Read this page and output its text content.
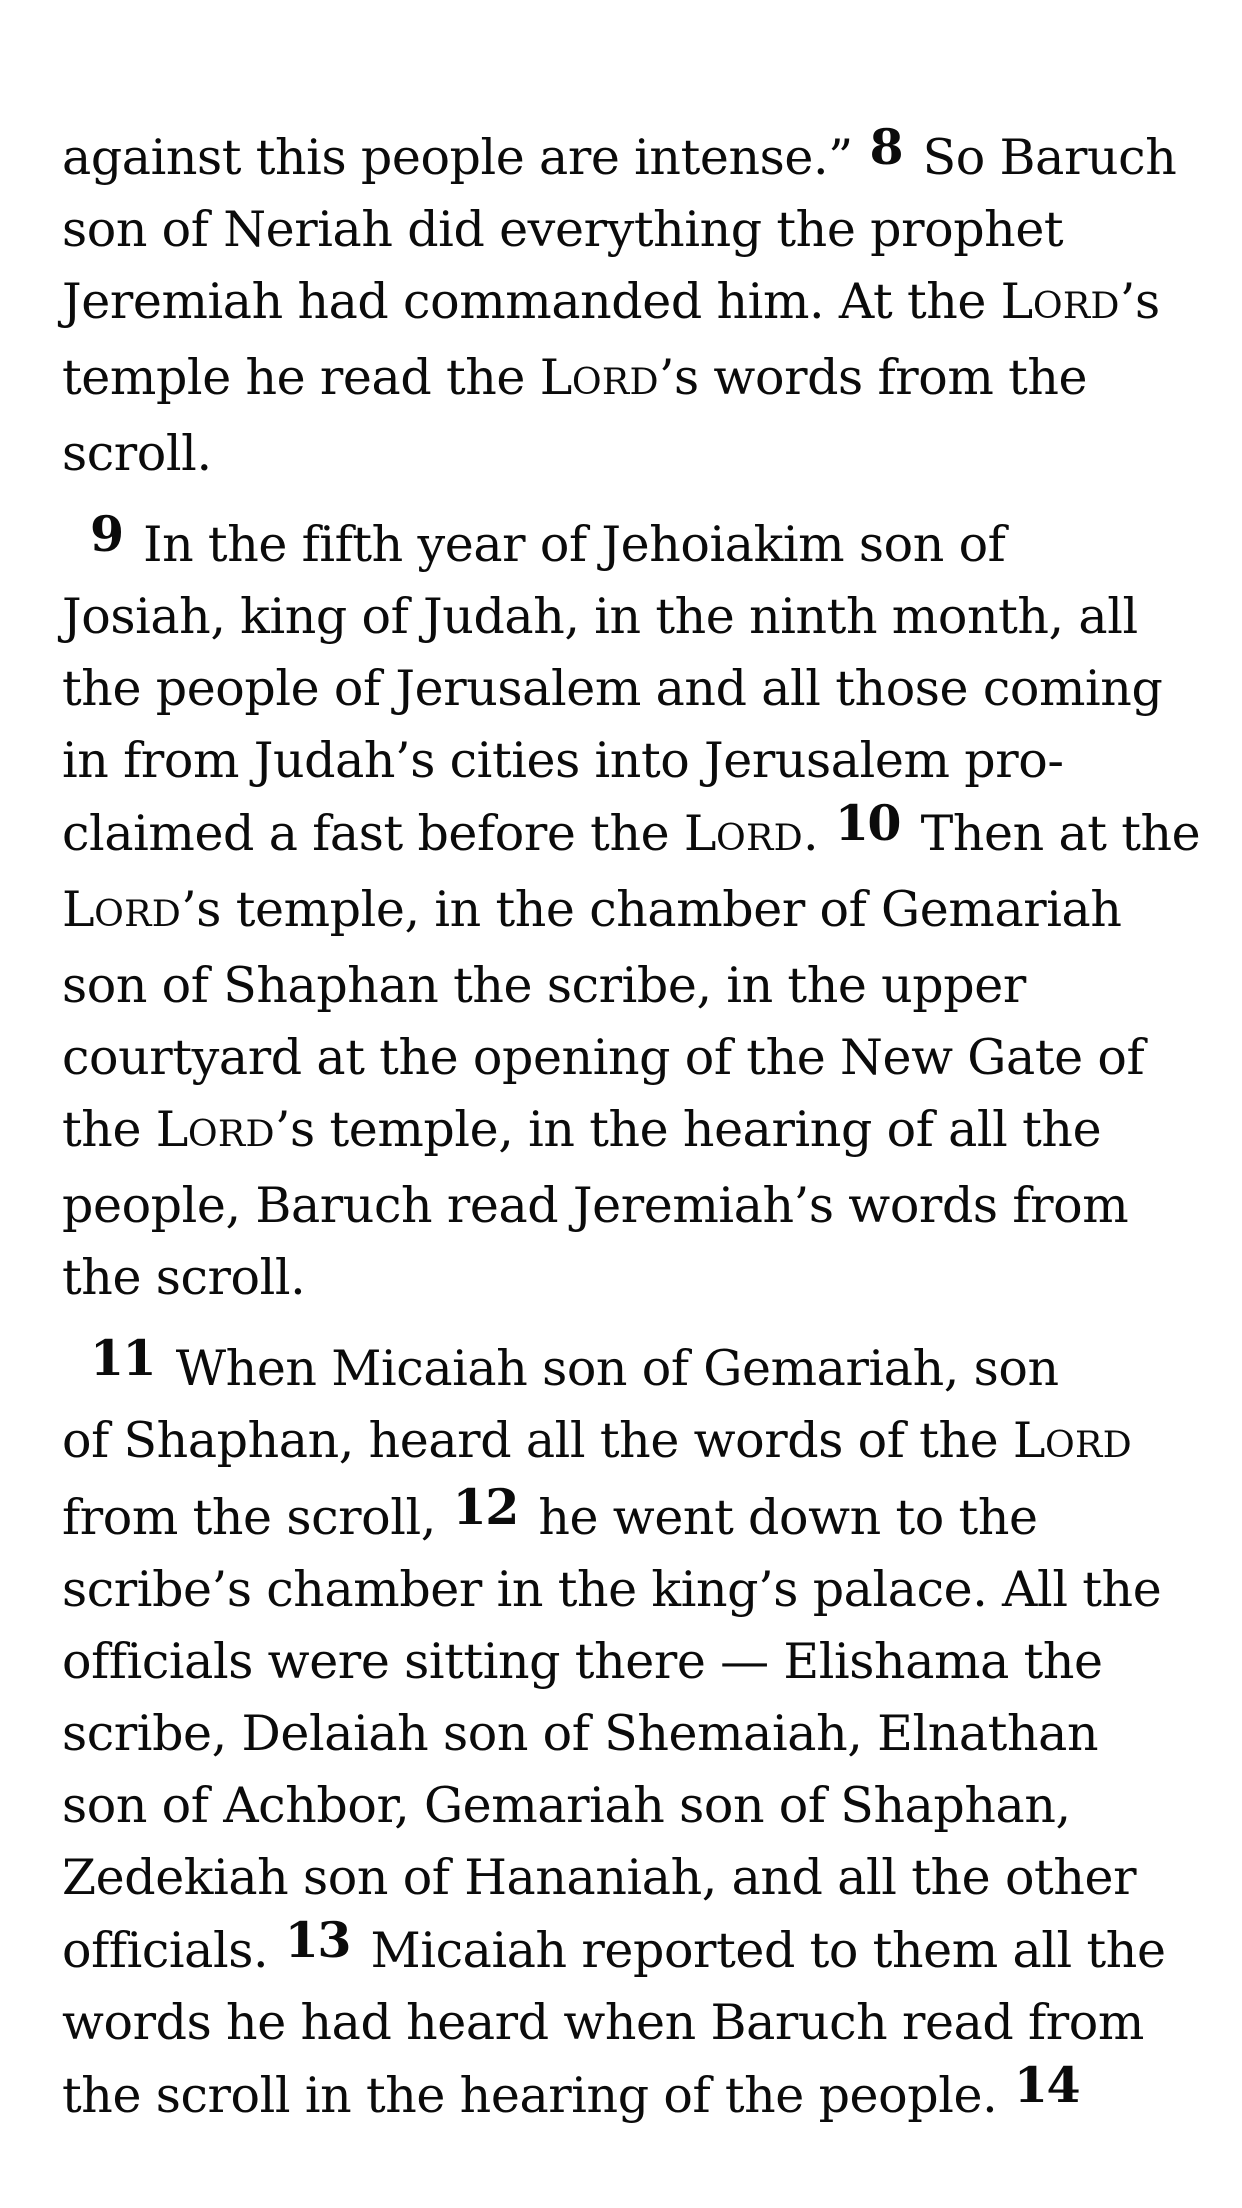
against this people are intense.” 8 So Baruch
son of Neriah did everything the prophet
Jeremiah had commanded him. At the LORD’s
temple he read the LORD’s words from the
scroll.
9 In the fifth year of Jehoiakim son of
Josiah, king of Judah, in the ninth month, all
the people of Jerusalem and all those coming
in from Judah’s cities into Jerusalem pro-
claimed a fast before the LORD. 10 Then at the
LORD’s temple, in the chamber of Gemariah
son of Shaphan the scribe, in the upper
courtyard at the opening of the New Gate of
the LORD’s temple, in the hearing of all the
people, Baruch read Jeremiah’s words from
the scroll.
11 When Micaiah son of Gemariah, son
of Shaphan, heard all the words of the LORD
from the scroll, 12 he went down to the
scribe’s chamber in the king’s palace. All the
officials were sitting there — Elishama the
scribe, Delaiah son of Shemaiah, Elnathan
son of Achbor, Gemariah son of Shaphan,
Zedekiah son of Hananiah, and all the other
officials. 13 Micaiah reported to them all the
words he had heard when Baruch read from
the scroll in the hearing of the people. 14
